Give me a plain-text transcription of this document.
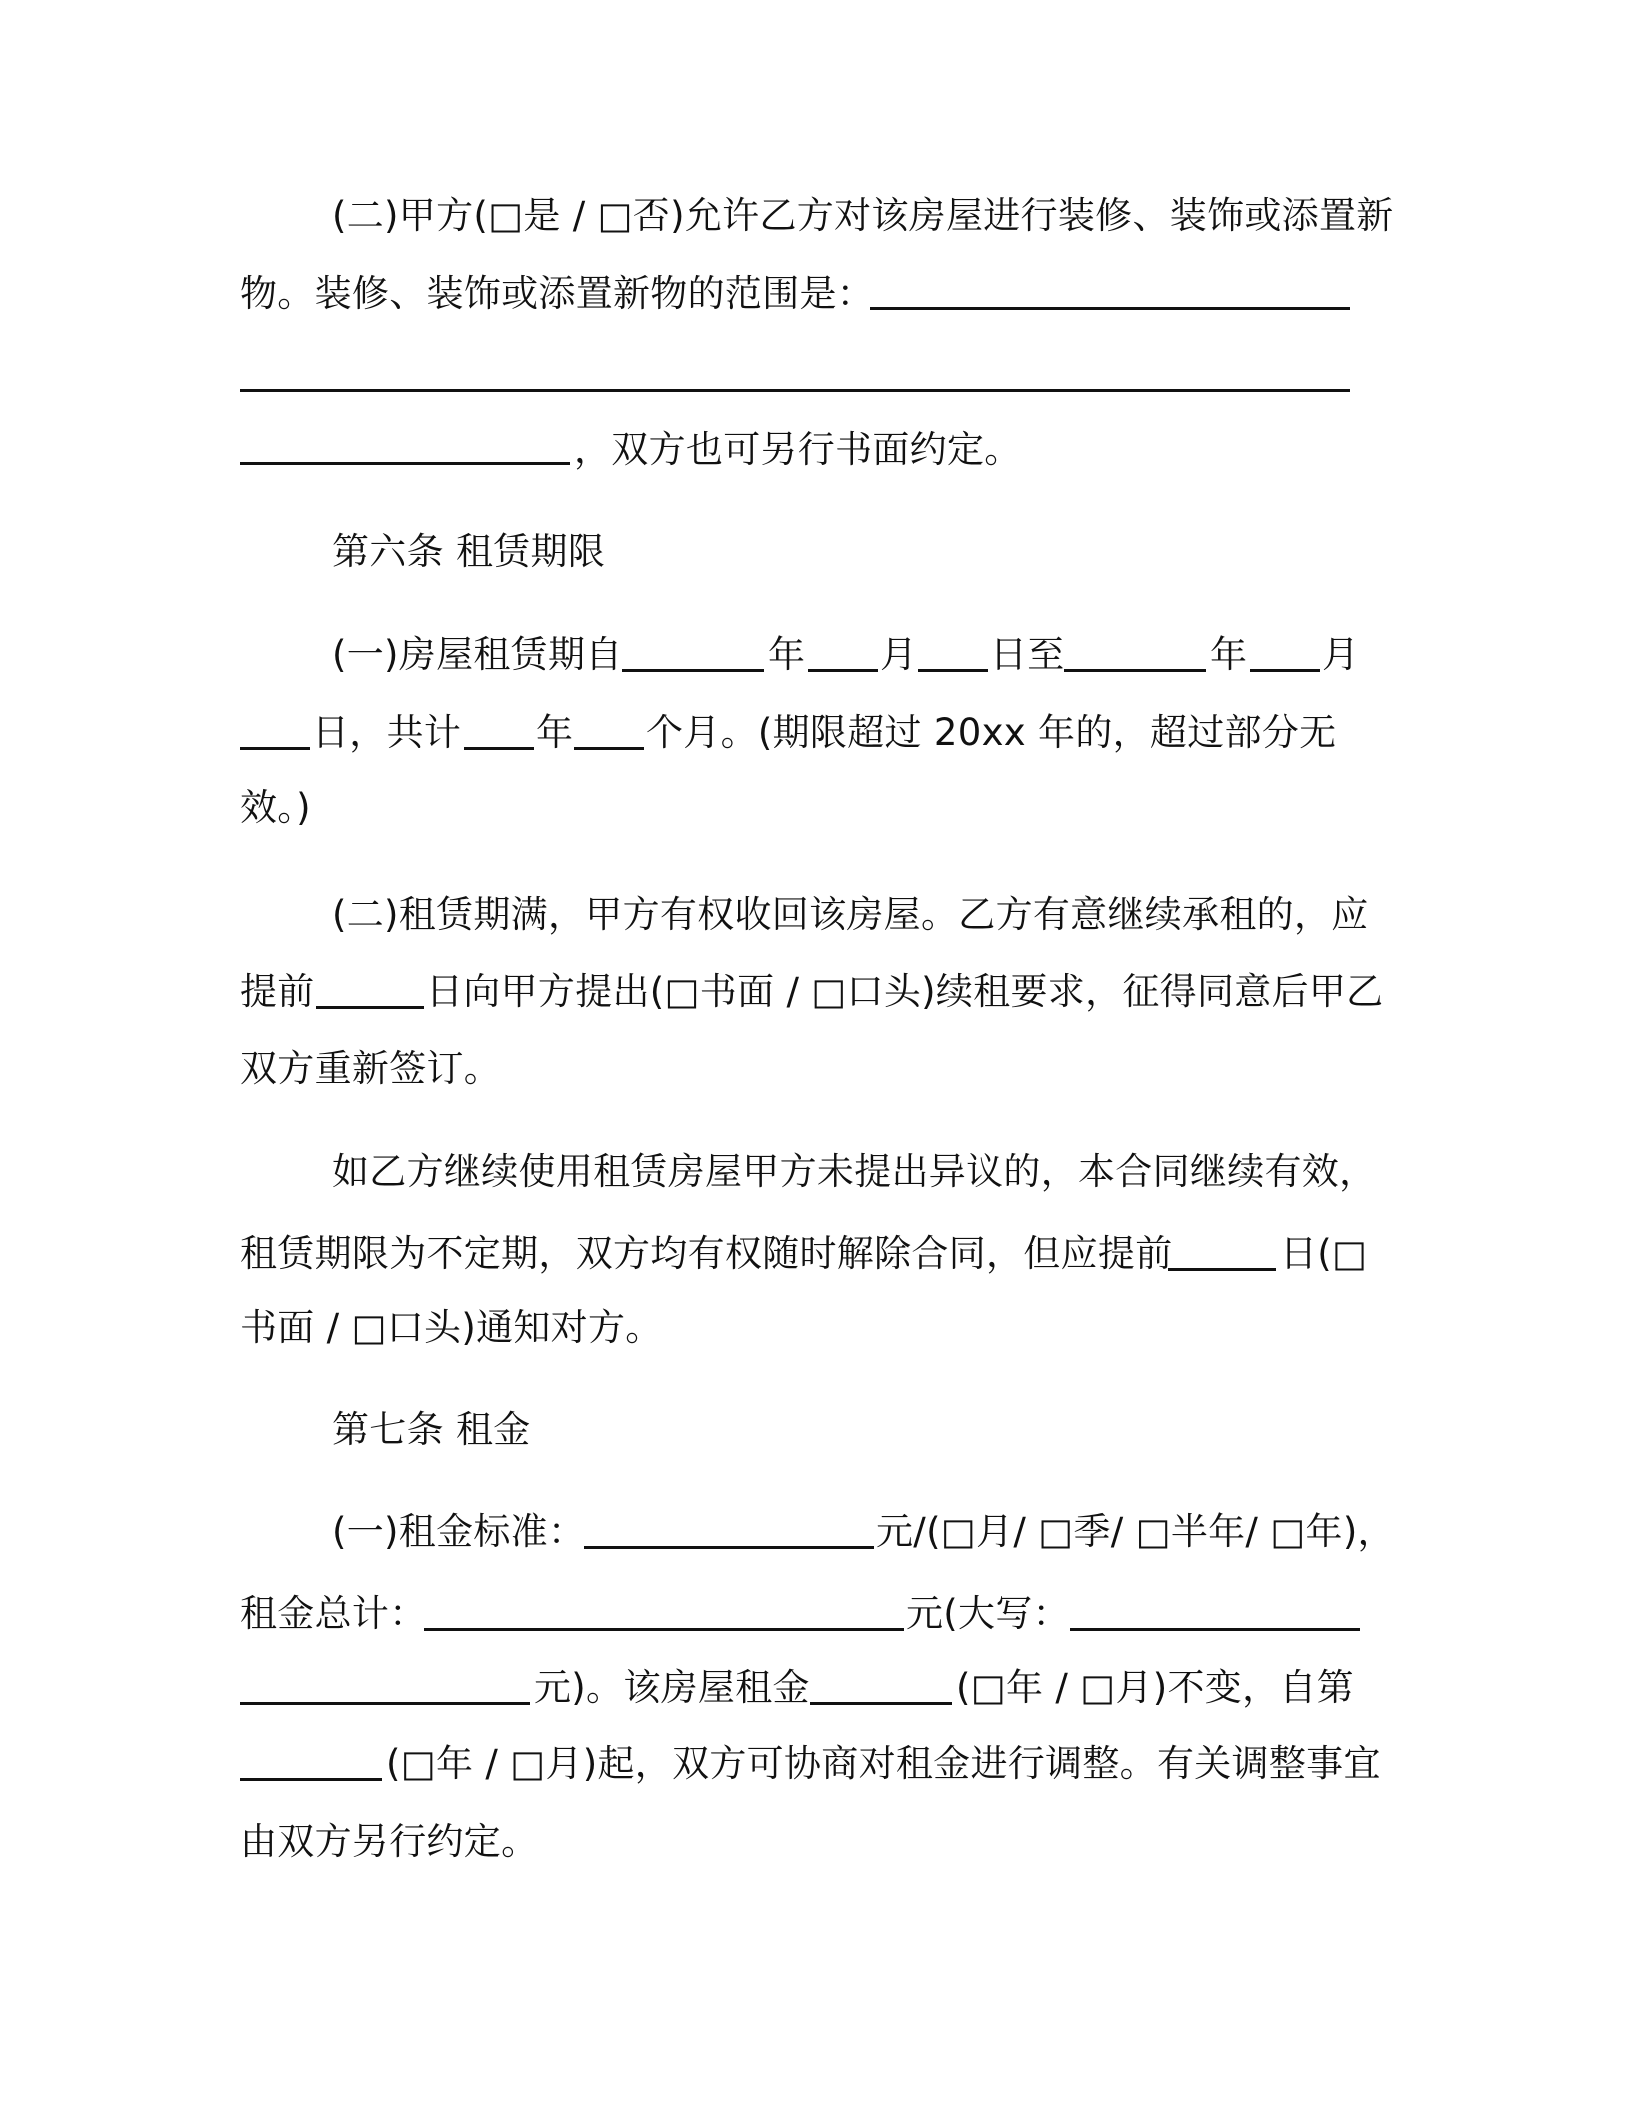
(二)甲方(□是 / □否)允许乙方对该房屋进行装修、装饰或添置新
物。装修、装饰或添置新物的范围是：
，双方也可另行书面约定。
第六条 租赁期限
(一)房屋租赁期自	年 月 日至	年 月
日，共计 年 个月。(期限超过 20xx 年的，超过部分无
效。)
(二)租赁期满，甲方有权收回该房屋。乙方有意继续承租的，应
提前	日向甲方提出(□书面 / □口头)续租要求，征得同意后甲乙
双方重新签订。
如乙方继续使用租赁房屋甲方未提出异议的，本合同继续有效，
租赁期限为不定期，双方均有权随时解除合同，但应提前	日(□
书面 / □口头)通知对方。
第七条 租金
(一)租金标准：	元/(□月/ □季/ □半年/ □年)，
租金总计：	元(大写：
元)。该房屋租金	(□年 / □月)不变，自第
(□年 / □月)起，双方可协商对租金进行调整。有关调整事宜
由双方另行约定。
